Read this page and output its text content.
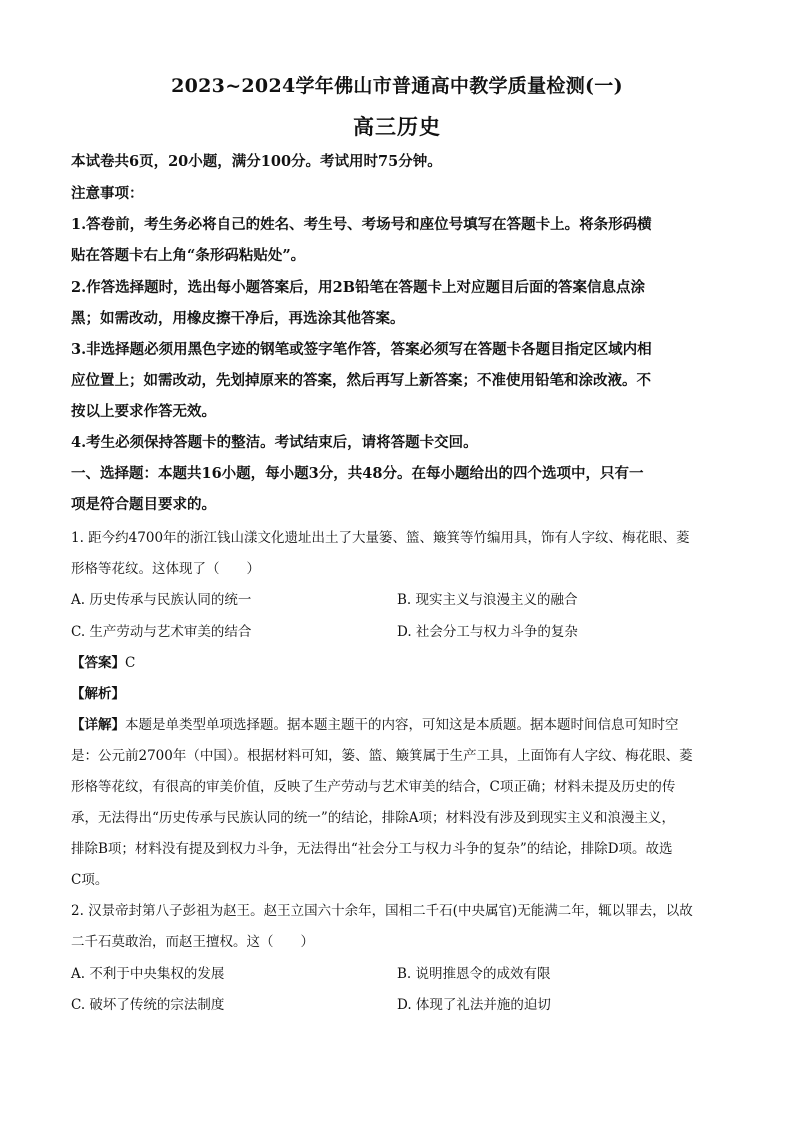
2023~2024学年佛山市普通高中教学质量检测(一)
高三历史
本试卷共6页，20小题，满分100分。考试用时75分钟。
注意事项：
1.答卷前，考生务必将自己的姓名、考生号、考场号和座位号填写在答题卡上。将条形码横
贴在答题卡右上角“条形码粘贴处”。
2.作答选择题时，选出每小题答案后，用2B铅笔在答题卡上对应题目后面的答案信息点涂
黑；如需改动，用橡皮擦干净后，再选涂其他答案。
3.非选择题必须用黑色字迹的钢笔或签字笔作答，答案必须写在答题卡各题目指定区域内相
应位置上；如需改动，先划掉原来的答案，然后再写上新答案；不准使用铅笔和涂改液。不
按以上要求作答无效。
4.考生必须保持答题卡的整洁。考试结束后，请将答题卡交回。
一、选择题：本题共16小题，每小题3分，共48分。在每小题给出的四个选项中，只有一
项是符合题目要求的。
1. 距今约4700年的浙江钱山漾文化遗址出土了大量篓、篮、簸箕等竹编用具，饰有人字纹、梅花眼、菱
形格等花纹。这体现了（　　）
A. 历史传承与民族认同的统一	B. 现实主义与浪漫主义的融合
C. 生产劳动与艺术审美的结合	D. 社会分工与权力斗争的复杂
【答案】C
【解析】
【详解】本题是单类型单项选择题。据本题主题干的内容，可知这是本质题。据本题时间信息可知时空
是：公元前2700年（中国）。根据材料可知，篓、篮、簸箕属于生产工具，上面饰有人字纹、梅花眼、菱
形格等花纹，有很高的审美价值，反映了生产劳动与艺术审美的结合，C项正确；材料未提及历史的传
承，无法得出“历史传承与民族认同的统一”的结论，排除A项；材料没有涉及到现实主义和浪漫主义，
排除B项；材料没有提及到权力斗争，无法得出“社会分工与权力斗争的复杂”的结论，排除D项。故选
C项。
2. 汉景帝封第八子彭祖为赵王。赵王立国六十余年，国相二千石(中央属官)无能满二年，辄以罪去，以故
二千石莫敢治，而赵王擅权。这（　　）
A. 不利于中央集权的发展	B. 说明推恩令的成效有限
C. 破坏了传统的宗法制度	D. 体现了礼法并施的迫切
